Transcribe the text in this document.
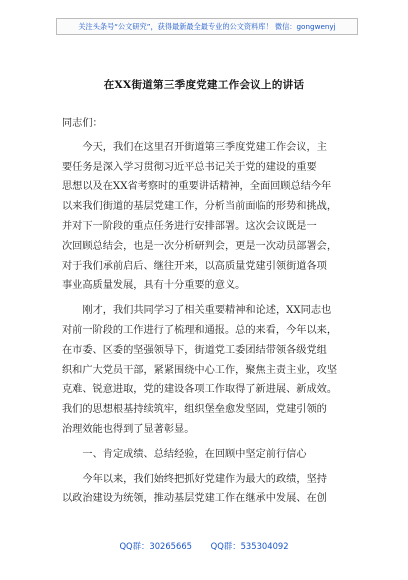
关注头条号“公文研究”，获得最新最全最专业的公文资料库！ 微信：gongwenyj
在XX街道第三季度党建工作会议上的讲话
同志们：
今天，我们在这里召开街道第三季度党建工作会议，主
要任务是深入学习贯彻习近平总书记关于党的建设的重要
思想以及在XX省考察时的重要讲话精神，全面回顾总结今年
以来我们街道的基层党建工作，分析当前面临的形势和挑战，
并对下一阶段的重点任务进行安排部署。这次会议既是一
次回顾总结会，也是一次分析研判会，更是一次动员部署会，
对于我们承前启后、继往开来，以高质量党建引领街道各项
事业高质量发展，具有十分重要的意义。
刚才，我们共同学习了相关重要精神和论述，XX同志也
对前一阶段的工作进行了梳理和通报。总的来看，今年以来，
在市委、区委的坚强领导下，街道党工委团结带领各级党组
织和广大党员干部，紧紧围绕中心工作，聚焦主责主业，攻坚
克难、锐意进取，党的建设各项工作取得了新进展、新成效。
我们的思想根基持续筑牢，组织堡垒愈发坚固，党建引领的
治理效能也得到了显著彰显。
一、肯定成绩、总结经验，在回顾中坚定前行信心
今年以来，我们始终把抓好党建作为最大的政绩，坚持
以政治建设为统领，推动基层党建工作在继承中发展、在创
QQ群：30265665 QQ群：535304092
